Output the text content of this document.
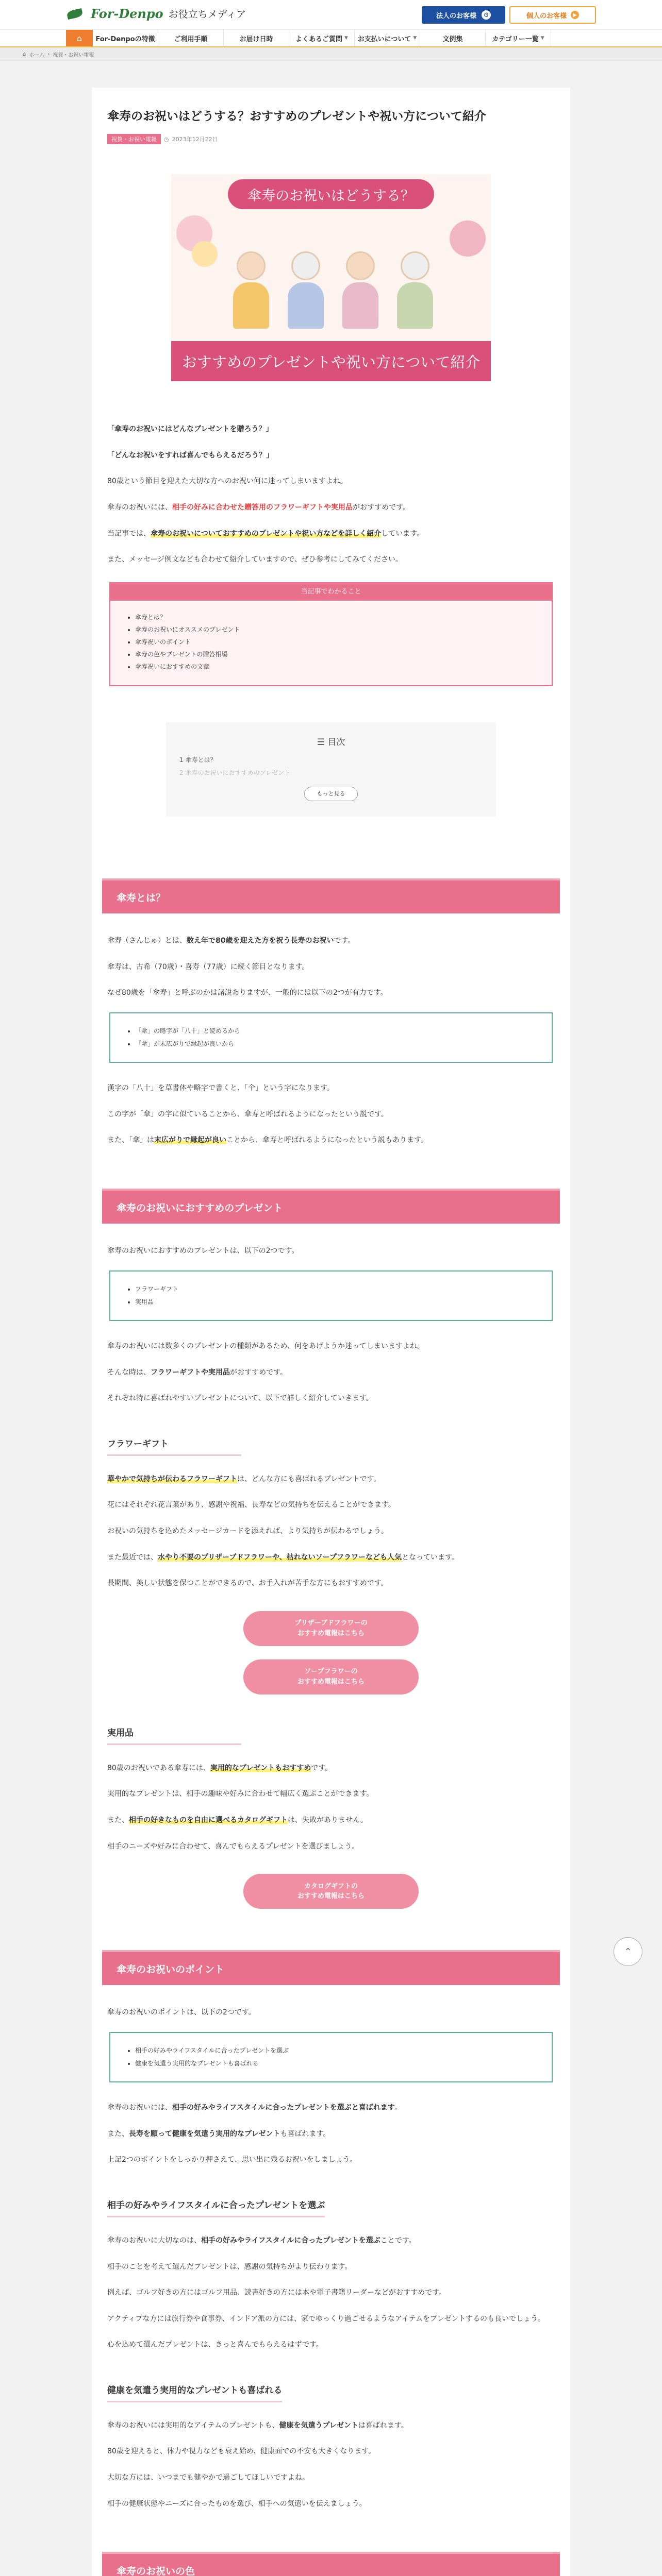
For-Denpo お役立ちメディア	法人のお客様	⚙	個人のお客様	▶
⌂	For-Denpoの特徴	ご利用手順	お届け日時	よくあるご質問 ▼ お支払いについて ▼	文例集	カテゴリー一覧 ▼
⌂ ホーム › 祝賀・お祝い電報
傘寿のお祝いはどうする？おすすめのプレゼントや祝い方について紹介
祝賀・お祝い電報	◷ 2023年12月22日
傘寿のお祝いはどうする？
おすすめのプレゼントや祝い方について紹介

「傘寿のお祝いにはどんなプレゼントを贈ろう？」

「どんなお祝いをすれば喜んでもらえるだろう？」

80歳という節目を迎えた大切な方へのお祝い何に迷ってしまいますよね。

傘寿のお祝いには、相手の好みに合わせた贈答用のフラワーギフトや実用品がおすすめです。

当記事では、傘寿のお祝いについておすすめのプレゼントや祝い方などを詳しく紹介しています。

また、メッセージ例文なども合わせて紹介していますので、ぜひ参考にしてみてください。

当記事でわかること
• 傘寿とは？
• 傘寿のお祝いにオススメのプレゼント
• 傘寿祝いのポイント
• 傘寿の色やプレゼントの贈答相場
• 傘寿祝いにおすすめの文章
☰ 目次
1 傘寿とは？
2 傘寿のお祝いにおすすめのプレゼント
もっと見る
傘寿とは？

傘寿（さんじゅ）とは、数え年で80歳を迎えた方を祝う長寿のお祝いです。

傘寿は、古希（70歳）・喜寿（77歳）に続く節目となります。

なぜ80歳を「傘寿」と呼ぶのかは諸説ありますが、一般的には以下の2つが有力です。

• 「傘」の略字が「八十」と読めるから
• 「傘」が末広がりで縁起が良いから

漢字の「八十」を草書体や略字で書くと、「仐」という字になります。

この字が「傘」の字に似ていることから、傘寿と呼ばれるようになったという説です。

また、「傘」は末広がりで縁起が良いことから、傘寿と呼ばれるようになったという説もあります。

傘寿のお祝いにおすすめのプレゼント

傘寿のお祝いにおすすめのプレゼントは、以下の2つです。

• フラワーギフト
• 実用品

傘寿のお祝いには数多くのプレゼントの種類があるため、何をあげようか迷ってしまいますよね。

そんな時は、フラワーギフトや実用品がおすすめです。

それぞれ特に喜ばれやすいプレゼントについて、以下で詳しく紹介していきます。

フラワーギフト

華やかで気持ちが伝わるフラワーギフトは、どんな方にも喜ばれるプレゼントです。

花にはそれぞれ花言葉があり、感謝や祝福、長寿などの気持ちを伝えることができます。

お祝いの気持ちを込めたメッセージカードを添えれば、より気持ちが伝わるでしょう。

また最近では、水やり不要のプリザーブドフラワーや、枯れないソープフラワーなども人気となっています。

長期間、美しい状態を保つことができるので、お手入れが苦手な方にもおすすめです。

プリザーブドフラワーの
おすすめ電報はこちら
ソープフラワーの
おすすめ電報はこちら
実用品

80歳のお祝いである傘寿には、実用的なプレゼントもおすすめです。

実用的なプレゼントは、相手の趣味や好みに合わせて幅広く選ぶことができます。

また、相手の好きなものを自由に選べるカタログギフトは、失敗がありません。

相手のニーズや好みに合わせて、喜んでもらえるプレゼントを選びましょう。

カタログギフトの
おすすめ電報はこちら
傘寿のお祝いのポイント

傘寿のお祝いのポイントは、以下の2つです。

• 相手の好みやライフスタイルに合ったプレゼントを選ぶ
• 健康を気遣う実用的なプレゼントも喜ばれる

傘寿のお祝いには、相手の好みやライフスタイルに合ったプレゼントを選ぶと喜ばれます。

また、長寿を願って健康を気遣う実用的なプレゼントも喜ばれます。

上記2つのポイントをしっかり押さえて、思い出に残るお祝いをしましょう。

相手の好みやライフスタイルに合ったプレゼントを選ぶ

傘寿のお祝いに大切なのは、相手の好みやライフスタイルに合ったプレゼントを選ぶことです。

相手のことを考えて選んだプレゼントは、感謝の気持ちがより伝わります。

例えば、ゴルフ好きの方にはゴルフ用品、読書好きの方には本や電子書籍リーダーなどがおすすめです。

アクティブな方には旅行券や食事券、インドア派の方には、家でゆっくり過ごせるようなアイテムをプレゼントするのも良いでしょう。

心を込めて選んだプレゼントは、きっと喜んでもらえるはずです。

健康を気遣う実用的なプレゼントも喜ばれる

傘寿のお祝いには実用的なアイテムのプレゼントも、健康を気遣うプレゼントは喜ばれます。

80歳を迎えると、体力や視力なども衰え始め、健康面での不安も大きくなります。

大切な方には、いつまでも健やかで過ごしてほしいですよね。

相手の健康状態やニーズに合ったものを選び、相手への気遣いを伝えましょう。

傘寿のお祝いの色

⌃
